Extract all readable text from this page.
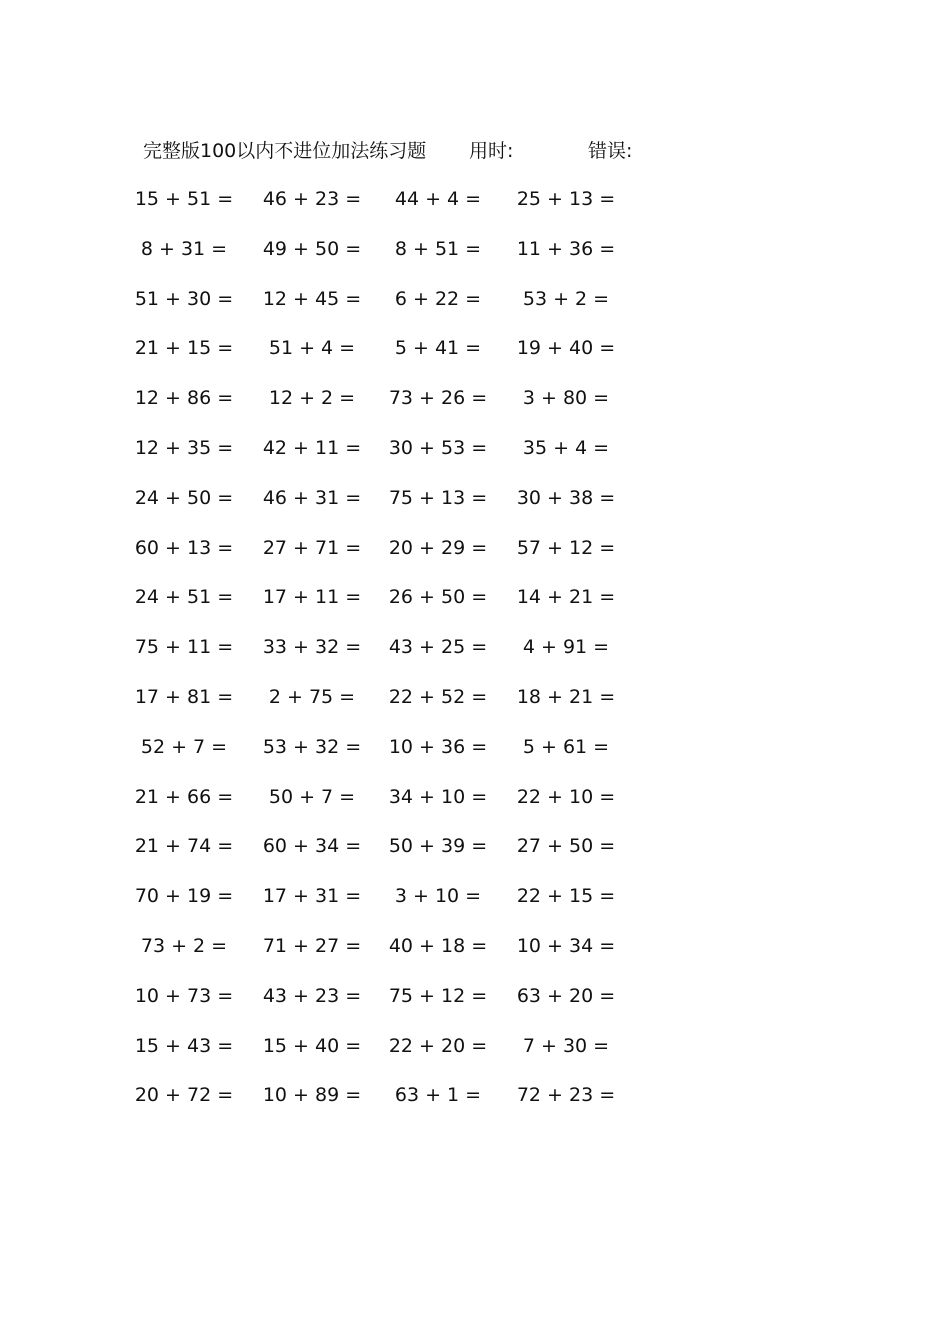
完整版100以内不进位加法练习题 用时:	错误:
15 + 51 =	46 + 23 =	44 + 4 =	25 + 13 =
8 + 31 =	49 + 50 =	8 + 51 =	11 + 36 =
51 + 30 =	12 + 45 =	6 + 22 =	53 + 2 =
21 + 15 =	51 + 4 =	5 + 41 =	19 + 40 =
12 + 86 =	12 + 2 =	73 + 26 =	3 + 80 =
12 + 35 =	42 + 11 =	30 + 53 =	35 + 4 =
24 + 50 =	46 + 31 =	75 + 13 =	30 + 38 =
60 + 13 =	27 + 71 =	20 + 29 =	57 + 12 =
24 + 51 =	17 + 11 =	26 + 50 =	14 + 21 =
75 + 11 =	33 + 32 =	43 + 25 =	4 + 91 =
17 + 81 =	2 + 75 =	22 + 52 =	18 + 21 =
52 + 7 =	53 + 32 =	10 + 36 =	5 + 61 =
21 + 66 =	50 + 7 =	34 + 10 =	22 + 10 =
21 + 74 =	60 + 34 =	50 + 39 =	27 + 50 =
70 + 19 =	17 + 31 =	3 + 10 =	22 + 15 =
73 + 2 =	71 + 27 =	40 + 18 =	10 + 34 =
10 + 73 =	43 + 23 =	75 + 12 =	63 + 20 =
15 + 43 =	15 + 40 =	22 + 20 =	7 + 30 =
20 + 72 =	10 + 89 =	63 + 1 =	72 + 23 =
